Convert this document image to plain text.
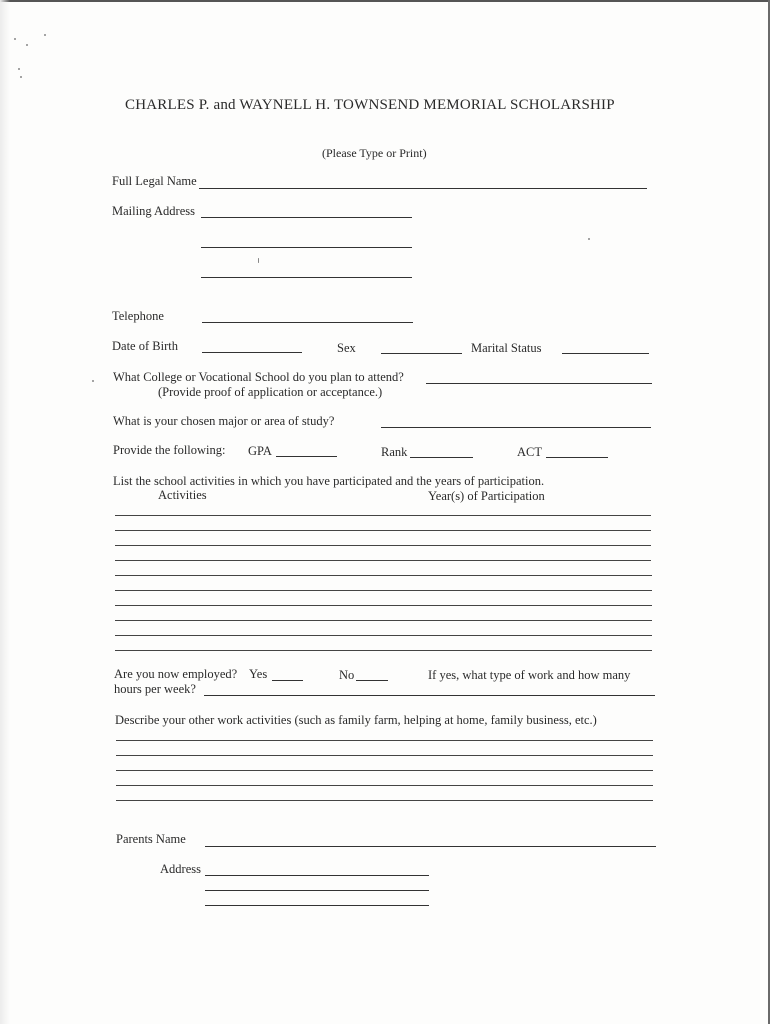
CHARLES P. and WAYNELL H. TOWNSEND MEMORIAL SCHOLARSHIP
(Please Type or Print)
Full Legal Name
Mailing Address
Telephone
Date of Birth	Sex	Marital Status
What College or Vocational School do you plan to attend?
(Provide proof of application or acceptance.)
What is your chosen major or area of study?
Provide the following: GPA	Rank	ACT
List the school activities in which you have participated and the years of participation.
Activities	Year(s) of Participation
Are you now employed? Yes	No	If yes, what type of work and how many
hours per week?
Describe your other work activities (such as family farm, helping at home, family business, etc.)
Parents Name
Address
